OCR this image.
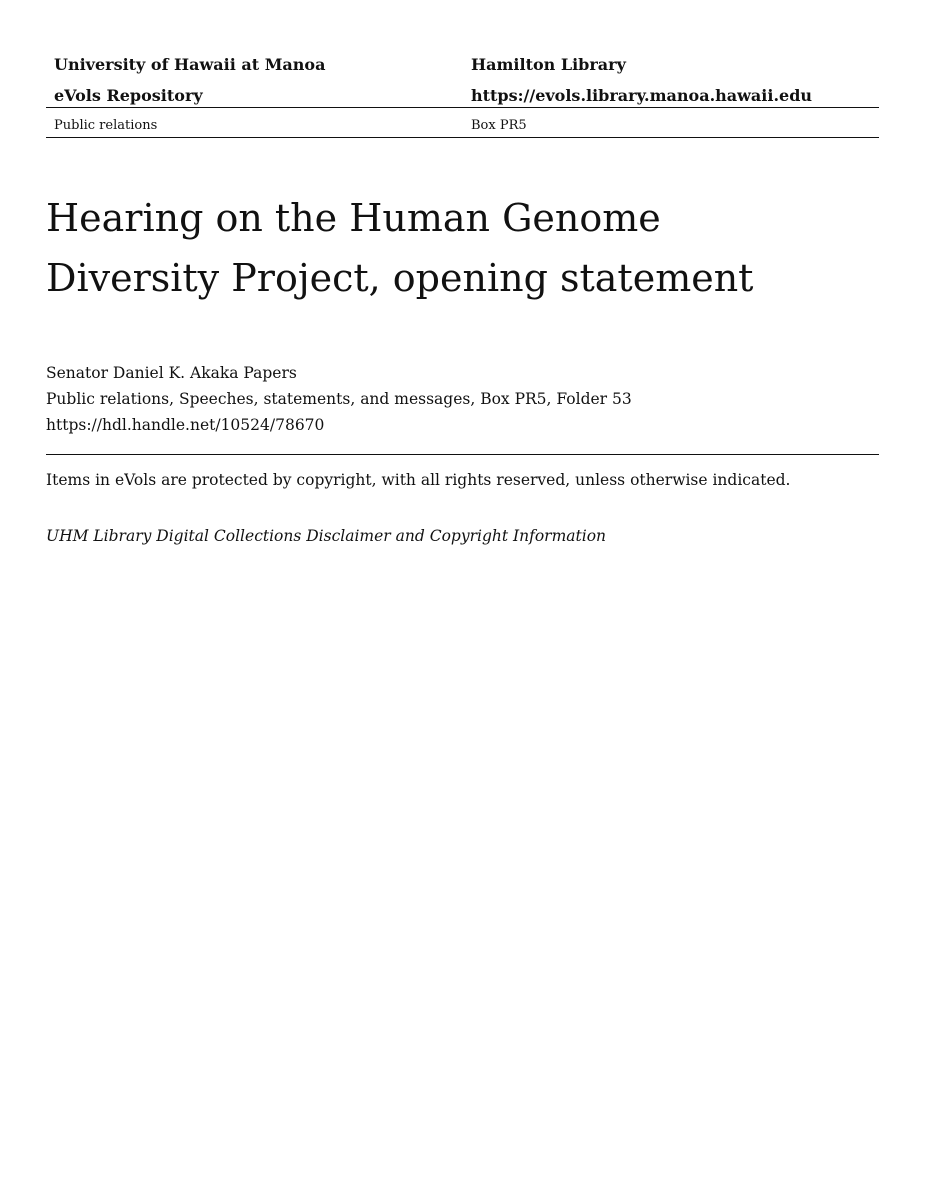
University of Hawaii at Manoa	Hamilton Library
eVols Repository	https://evols.library.manoa.hawaii.edu
Public relations	Box PR5
Hearing on the Human Genome
Diversity Project, opening statement
Senator Daniel K. Akaka Papers
Public relations, Speeches, statements, and messages, Box PR5, Folder 53
https://hdl.handle.net/10524/78670
Items in eVols are protected by copyright, with all rights reserved, unless otherwise indicated.
UHM Library Digital Collections Disclaimer and Copyright Information
